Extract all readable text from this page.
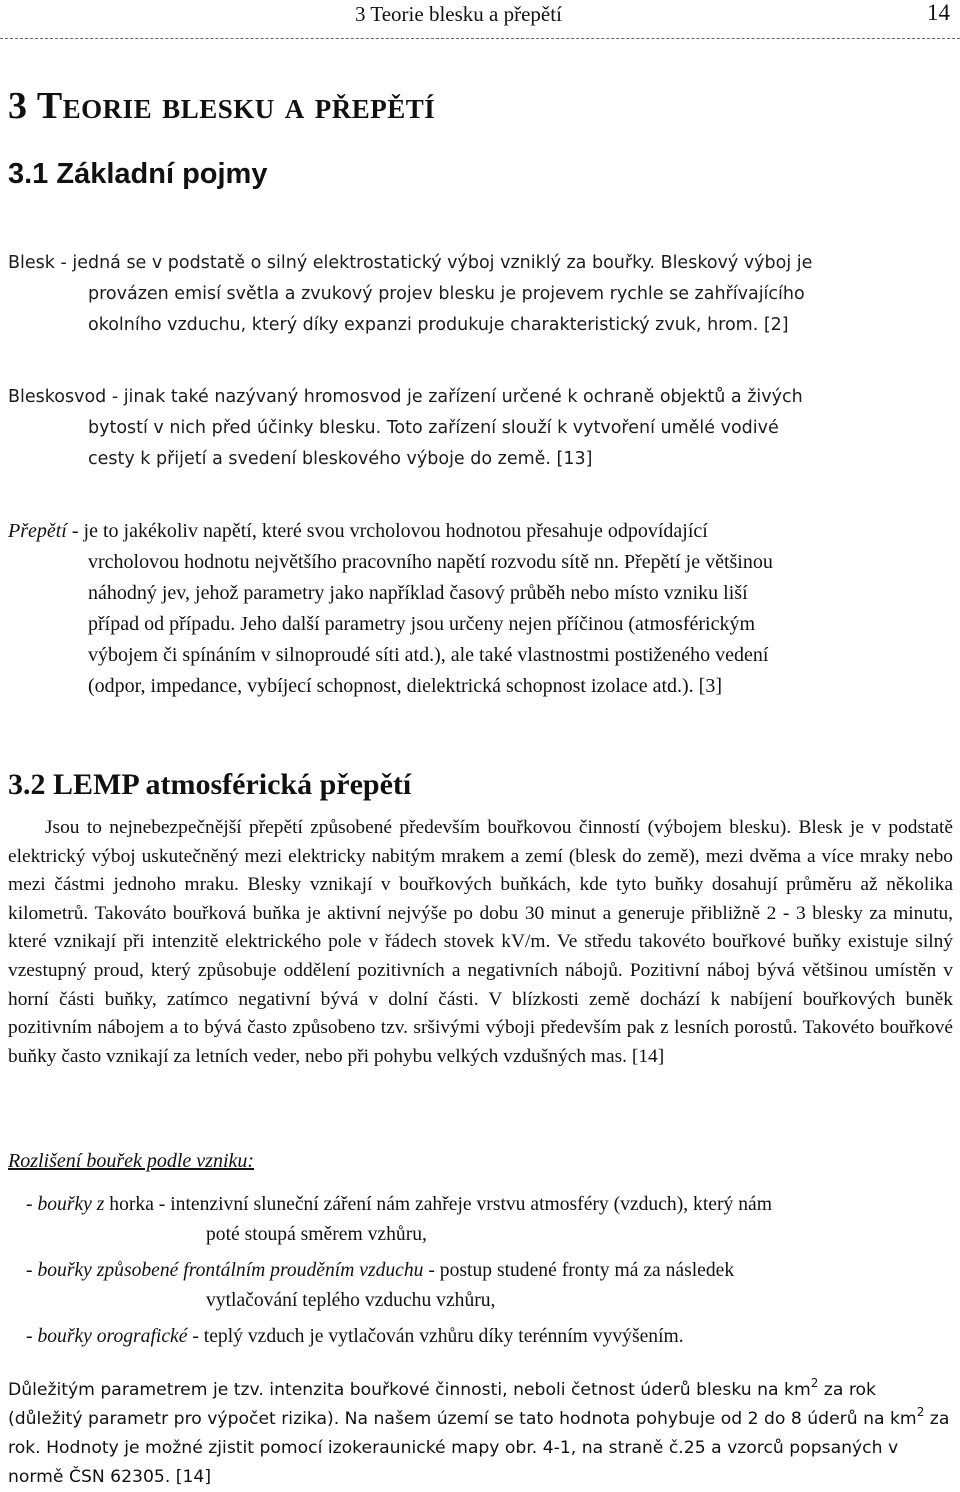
3 Teorie blesku a přepětí	14
3 Teorie blesku a přepětí
3.1 Základní pojmy
Blesk - jedná se v podstatě o silný elektrostatický výboj vzniklý za bouřky. Bleskový výboj je
provázen emisí světla a zvukový projev blesku je projevem rychle se zahřívajícího
okolního vzduchu, který díky expanzi produkuje charakteristický zvuk, hrom. [2]
Bleskosvod - jinak také nazývaný hromosvod je zařízení určené k ochraně objektů a živých
bytostí v nich před účinky blesku. Toto zařízení slouží k vytvoření umělé vodivé
cesty k přijetí a svedení bleskového výboje do země. [13]
Přepětí - je to jakékoliv napětí, které svou vrcholovou hodnotou přesahuje odpovídající
vrcholovou hodnotu největšího pracovního napětí rozvodu sítě nn. Přepětí je většinou
náhodný jev, jehož parametry jako například časový průběh nebo místo vzniku liší
případ od případu. Jeho další parametry jsou určeny nejen příčinou (atmosférickým
výbojem či spínáním v silnoproudé síti atd.), ale také vlastnostmi postiženého vedení
(odpor, impedance, vybíjecí schopnost, dielektrická schopnost izolace atd.). [3]
3.2 LEMP atmosférická přepětí

Jsou to nejnebezpečnější přepětí způsobené především bouřkovou činností (výbojem blesku). Blesk je v podstatě elektrický výboj uskutečněný mezi elektricky nabitým mrakem a zemí (blesk do země), mezi dvěma a více mraky nebo mezi částmi jednoho mraku. Blesky vznikají v bouřkových buňkách, kde tyto buňky dosahují průměru až několika kilometrů. Takováto bouřková buňka je aktivní nejvýše po dobu 30 minut a generuje přibližně 2 - 3 blesky za minutu, které vznikají při intenzitě elektrického pole v řádech stovek kV/m. Ve středu takovéto bouřkové buňky existuje silný vzestupný proud, který způsobuje oddělení pozitivních a negativních nábojů. Pozitivní náboj bývá většinou umístěn v horní části buňky, zatímco negativní bývá v dolní části. V blízkosti země dochází k nabíjení bouřkových buněk pozitivním nábojem a to bývá často způsobeno tzv. sršivými výboji především pak z lesních porostů. Takovéto bouřkové buňky často vznikají za letních veder, nebo při pohybu velkých vzdušných mas. [14]

Rozlišení bouřek podle vzniku:
- bouřky z horka - intenzivní sluneční záření nám zahřeje vrstvu atmosféry (vzduch), který nám
poté stoupá směrem vzhůru,
- bouřky způsobené frontálním prouděním vzduchu - postup studené fronty má za následek
vytlačování teplého vzduchu vzhůru,
- bouřky orografické - teplý vzduch je vytlačován vzhůru díky terénním vyvýšením.

Důležitým parametrem je tzv. intenzita bouřkové činnosti, neboli četnost úderů blesku na $km^2$ za rok (důležitý parametr pro výpočet rizika). Na našem území se tato hodnota pohybuje od 2 do 8 úderů na $km^2$ za rok. Hodnoty je možné zjistit pomocí izokeraunické mapy obr. 4-1, na straně č.25 a vzorců popsaných v normě ČSN 62305. [14]
